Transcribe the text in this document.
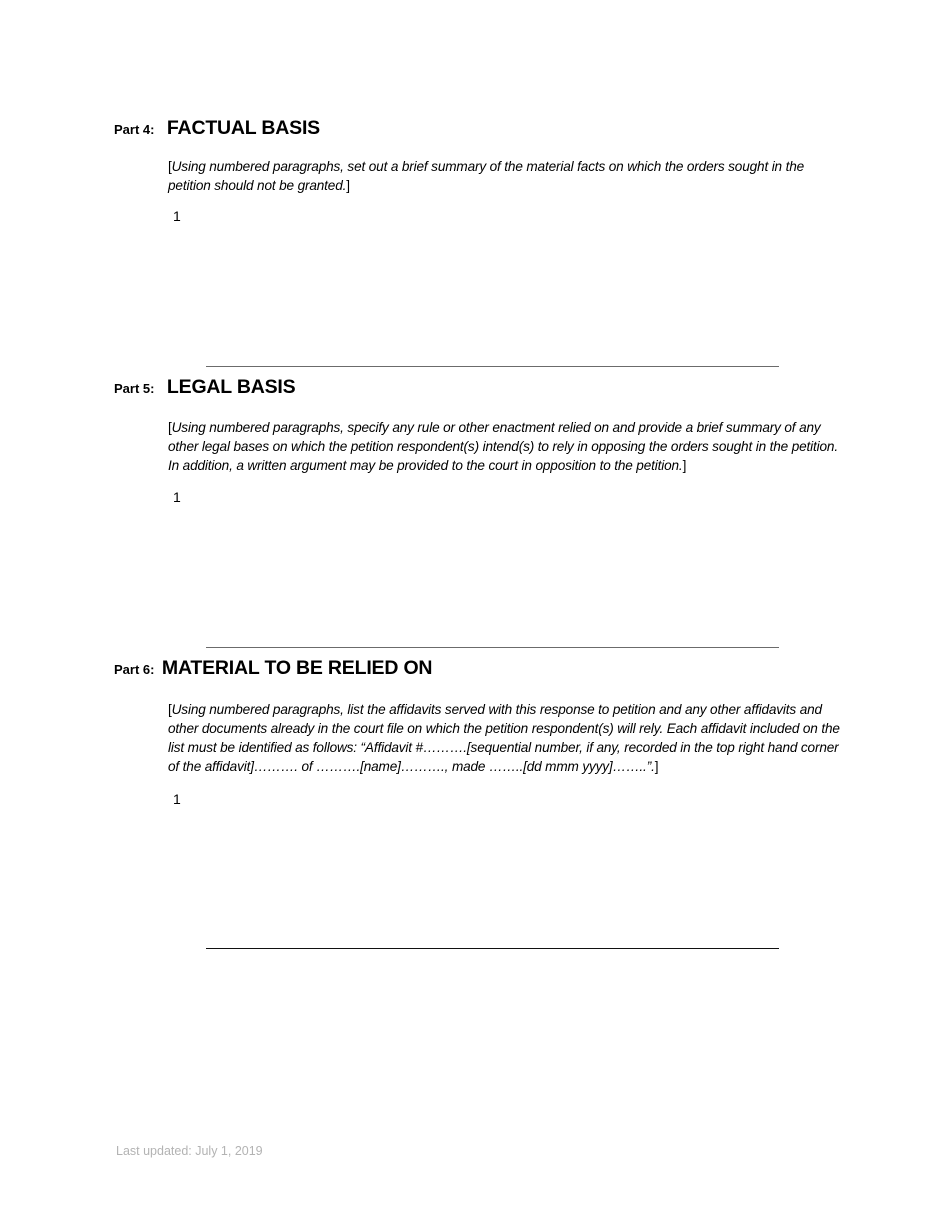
Part 4: FACTUAL BASIS
[Using numbered paragraphs, set out a brief summary of the material facts on which the orders sought in the petition should not be granted.]
1
Part 5: LEGAL BASIS
[Using numbered paragraphs, specify any rule or other enactment relied on and provide a brief summary of any other legal bases on which the petition respondent(s) intend(s) to rely in opposing the orders sought in the petition. In addition, a written argument may be provided to the court in opposition to the petition.]
1
Part 6: MATERIAL TO BE RELIED ON
[Using numbered paragraphs, list the affidavits served with this response to petition and any other affidavits and other documents already in the court file on which the petition respondent(s) will rely. Each affidavit included on the list must be identified as follows: “Affidavit #……….[sequential number, if any, recorded in the top right hand corner of the affidavit]………. of ……….[name]………., made ……..[dd mmm yyyy]……..”.]
1
Last updated: July 1, 2019
